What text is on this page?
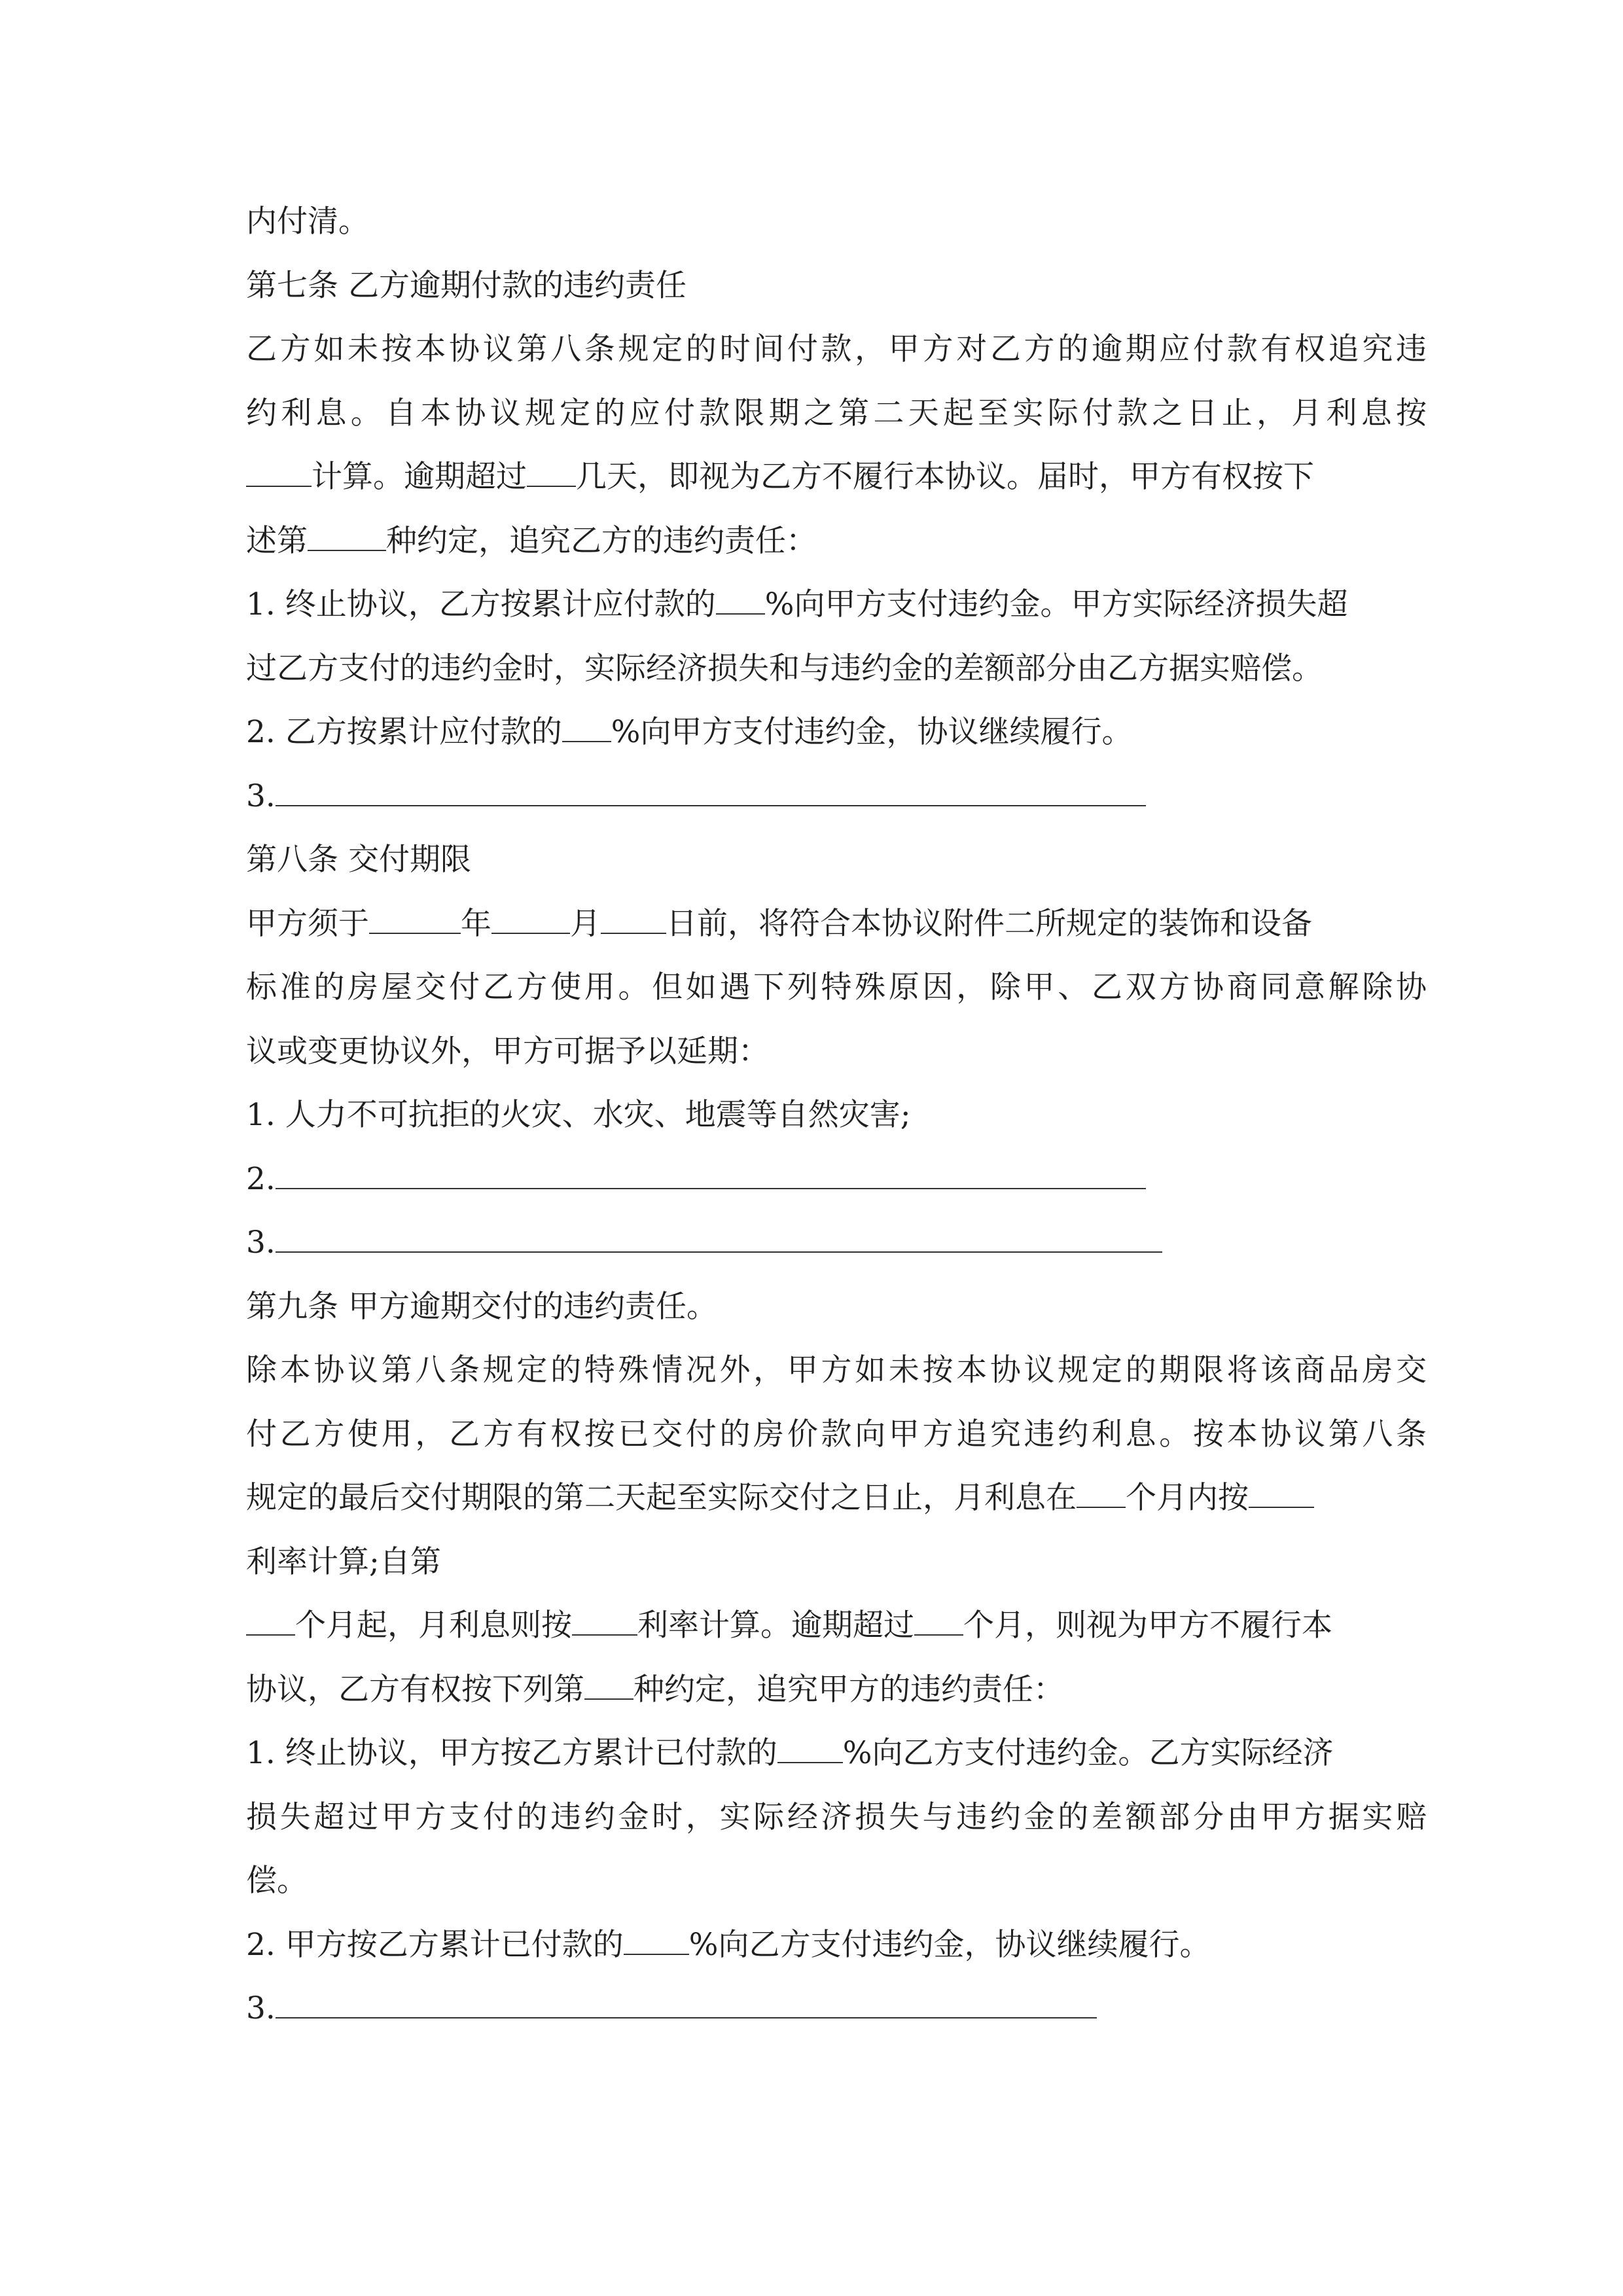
内付清。
第七条 乙方逾期付款的违约责任
乙方如未按本协议第八条规定的时间付款，甲方对乙方的逾期应付款有权追究违
约利息。自本协议规定的应付款限期之第二天起至实际付款之日止，月利息按
计算。逾期超过 几天，即视为乙方不履行本协议。届时，甲方有权按下
述第	种约定，追究乙方的违约责任：
1. 终止协议，乙方按累计应付款的 %向甲方支付违约金。甲方实际经济损失超
过乙方支付的违约金时，实际经济损失和与违约金的差额部分由乙方据实赔偿。
2. 乙方按累计应付款的 %向甲方支付违约金，协议继续履行。
3.
第八条 交付期限
甲方须于	年	月 日前，将符合本协议附件二所规定的装饰和设备
标准的房屋交付乙方使用。但如遇下列特殊原因，除甲、乙双方协商同意解除协
议或变更协议外，甲方可据予以延期：
1. 人力不可抗拒的火灾、水灾、地震等自然灾害;
2.
3.
第九条 甲方逾期交付的违约责任。
除本协议第八条规定的特殊情况外，甲方如未按本协议规定的期限将该商品房交
付乙方使用，乙方有权按已交付的房价款向甲方追究违约利息。按本协议第八条
规定的最后交付期限的第二天起至实际交付之日止，月利息在 个月内按
利率计算;自第
个月起，月利息则按 利率计算。逾期超过 个月，则视为甲方不履行本
协议，乙方有权按下列第 种约定，追究甲方的违约责任：
1. 终止协议，甲方按乙方累计已付款的 %向乙方支付违约金。乙方实际经济
损失超过甲方支付的违约金时，实际经济损失与违约金的差额部分由甲方据实赔
偿。
2. 甲方按乙方累计已付款的 %向乙方支付违约金，协议继续履行。
3.
